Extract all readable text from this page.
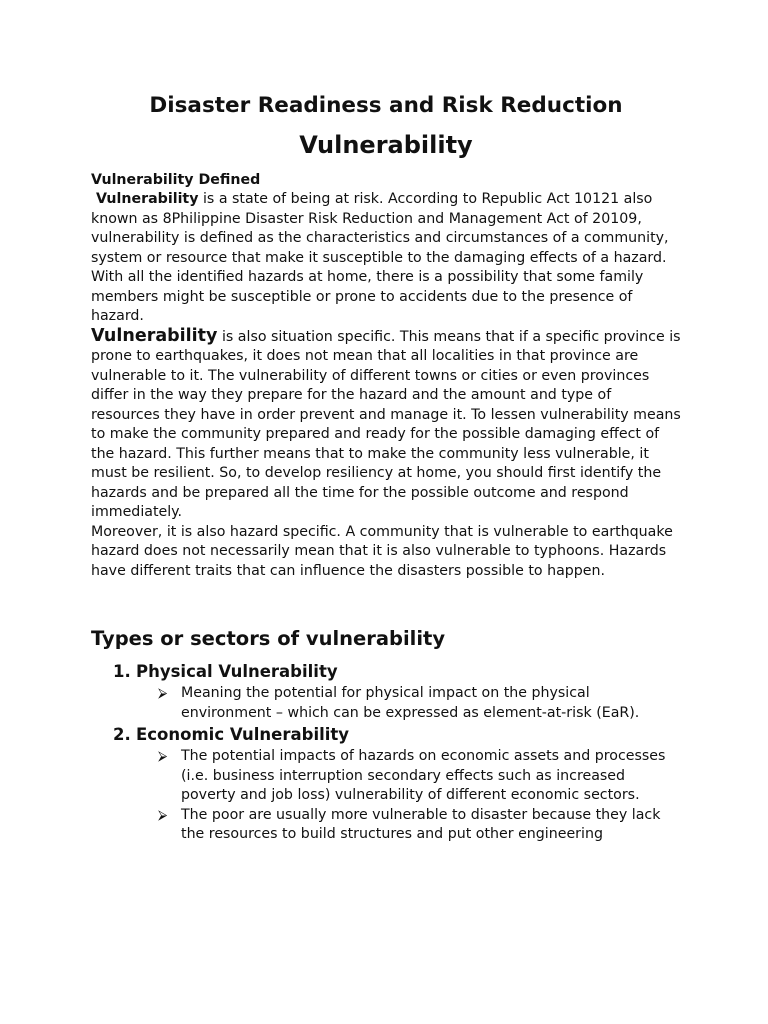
Disaster Readiness and Risk Reduction
Vulnerability
Vulnerability Defined

Vulnerability is a state of being at risk. According to Republic Act 10121 also known as 8Philippine Disaster Risk Reduction and Management Act of 20109, vulnerability is defined as the characteristics and circumstances of a community, system or resource that make it susceptible to the damaging effects of a hazard. With all the identified hazards at home, there is a possibility that some family members might be susceptible or prone to accidents due to the presence of hazard.

Vulnerability is also situation specific. This means that if a specific province is prone to earthquakes, it does not mean that all localities in that province are vulnerable to it. The vulnerability of different towns or cities or even provinces differ in the way they prepare for the hazard and the amount and type of resources they have in order prevent and manage it. To lessen vulnerability means to make the community prepared and ready for the possible damaging effect of the hazard. This further means that to make the community less vulnerable, it must be resilient. So, to develop resiliency at home, you should first identify the hazards and be prepared all the time for the possible outcome and respond immediately.

Moreover, it is also hazard specific. A community that is vulnerable to earthquake hazard does not necessarily mean that it is also vulnerable to typhoons. Hazards have different traits that can influence the disasters possible to happen.

Types or sectors of vulnerability
1. Physical Vulnerability
⮚ Meaning the potential for physical impact on the physical environment – which can be expressed as element-at-risk (EaR).
2. Economic Vulnerability
⮚ The potential impacts of hazards on economic assets and processes (i.e. business interruption secondary effects such as increased poverty and job loss) vulnerability of different economic sectors.
⮚ The poor are usually more vulnerable to disaster because they lack the resources to build structures and put other engineering
